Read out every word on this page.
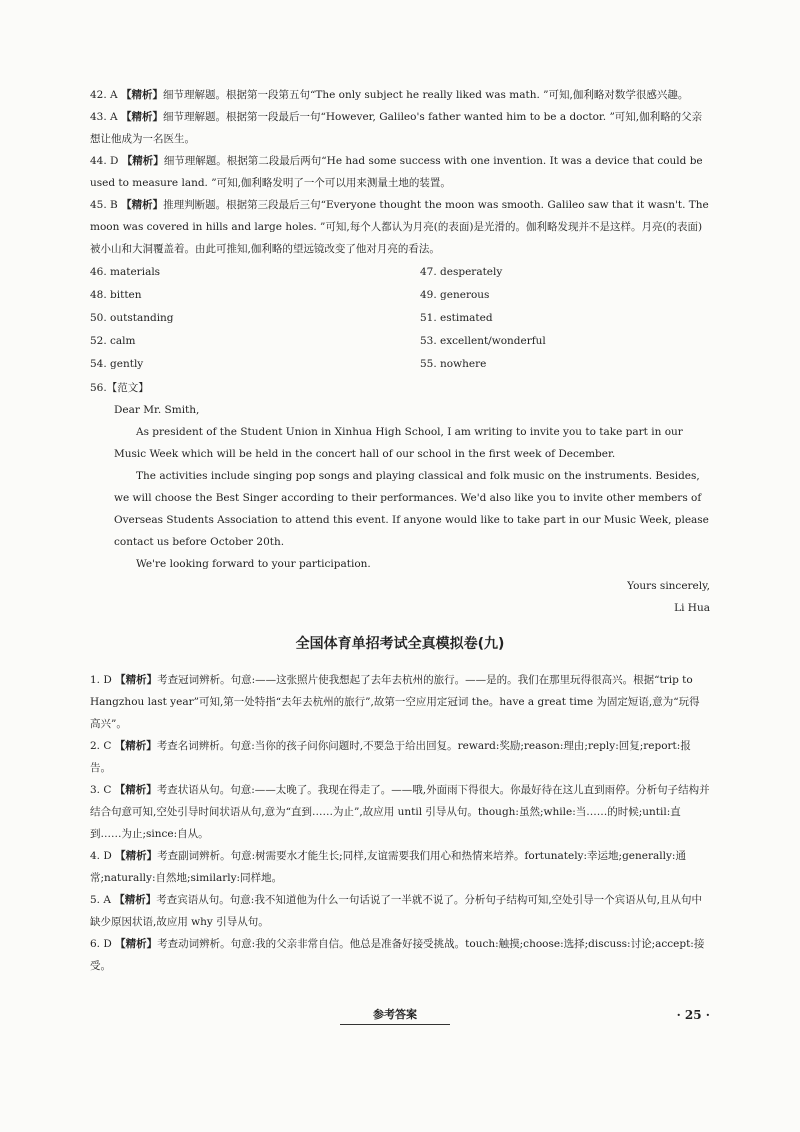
42. A 【精析】细节理解题。根据第一段第五句“The only subject he really liked was math. ”可知,伽利略对数学很感兴趣。

43. A 【精析】细节理解题。根据第一段最后一句“However, Galileo's father wanted him to be a doctor. ”可知,伽利略的父亲想让他成为一名医生。

44. D 【精析】细节理解题。根据第二段最后两句“He had some success with one invention. It was a device that could be used to measure land. ”可知,伽利略发明了一个可以用来测量土地的装置。

45. B 【精析】推理判断题。根据第三段最后三句“Everyone thought the moon was smooth. Galileo saw that it wasn't. The moon was covered in hills and large holes. ”可知,每个人都认为月亮(的表面)是光滑的。伽利略发现并不是这样。月亮(的表面)被小山和大洞覆盖着。由此可推知,伽利略的望远镜改变了他对月亮的看法。

46. materials	47. desperately
48. bitten	49. generous
50. outstanding	51. estimated
52. calm	53. excellent/wonderful
54. gently	55. nowhere
56.【范文】

Dear Mr. Smith,

As president of the Student Union in Xinhua High School, I am writing to invite you to take part in our Music Week which will be held in the concert hall of our school in the first week of December.

The activities include singing pop songs and playing classical and folk music on the instruments. Besides, we will choose the Best Singer according to their performances. We'd also like you to invite other members of Overseas Students Association to attend this event. If anyone would like to take part in our Music Week, please contact us before October 20th.

We're looking forward to your participation.

Yours sincerely,

Li Hua

全国体育单招考试全真模拟卷(九)

1. D 【精析】考查冠词辨析。句意:——这张照片使我想起了去年去杭州的旅行。——是的。我们在那里玩得很高兴。根据“trip to Hangzhou last year”可知,第一处特指“去年去杭州的旅行”,故第一空应用定冠词 the。have a great time 为固定短语,意为“玩得高兴”。

2. C 【精析】考查名词辨析。句意:当你的孩子问你问题时,不要急于给出回复。reward:奖励;reason:理由;reply:回复;report:报告。

3. C 【精析】考查状语从句。句意:——太晚了。我现在得走了。——哦,外面雨下得很大。你最好待在这儿直到雨停。分析句子结构并结合句意可知,空处引导时间状语从句,意为“直到……为止”,故应用 until 引导从句。though:虽然;while:当……的时候;until:直到……为止;since:自从。

4. D 【精析】考查副词辨析。句意:树需要水才能生长;同样,友谊需要我们用心和热情来培养。fortunately:幸运地;generally:通常;naturally:自然地;similarly:同样地。

5. A 【精析】考查宾语从句。句意:我不知道他为什么一句话说了一半就不说了。分析句子结构可知,空处引导一个宾语从句,且从句中缺少原因状语,故应用 why 引导从句。

6. D 【精析】考查动词辨析。句意:我的父亲非常自信。他总是准备好接受挑战。touch:触摸;choose:选择;discuss:讨论;accept:接受。

参考答案	· 25 ·
